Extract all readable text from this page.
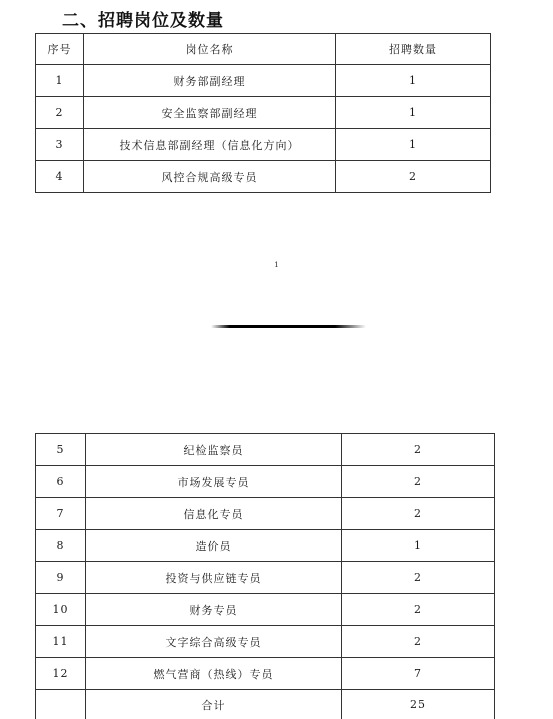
二、招聘岗位及数量
序号	岗位名称	招聘数量
1	财务部副经理	1
2	安全监察部副经理	1
3	技术信息部副经理（信息化方向）	1
4	风控合规高级专员	2
1
5	纪检监察员	2
6	市场发展专员	2
7	信息化专员	2
8	造价员	1
9	投资与供应链专员	2
10	财务专员	2
11	文字综合高级专员	2
12	燃气营商（热线）专员	7
	合计	25
